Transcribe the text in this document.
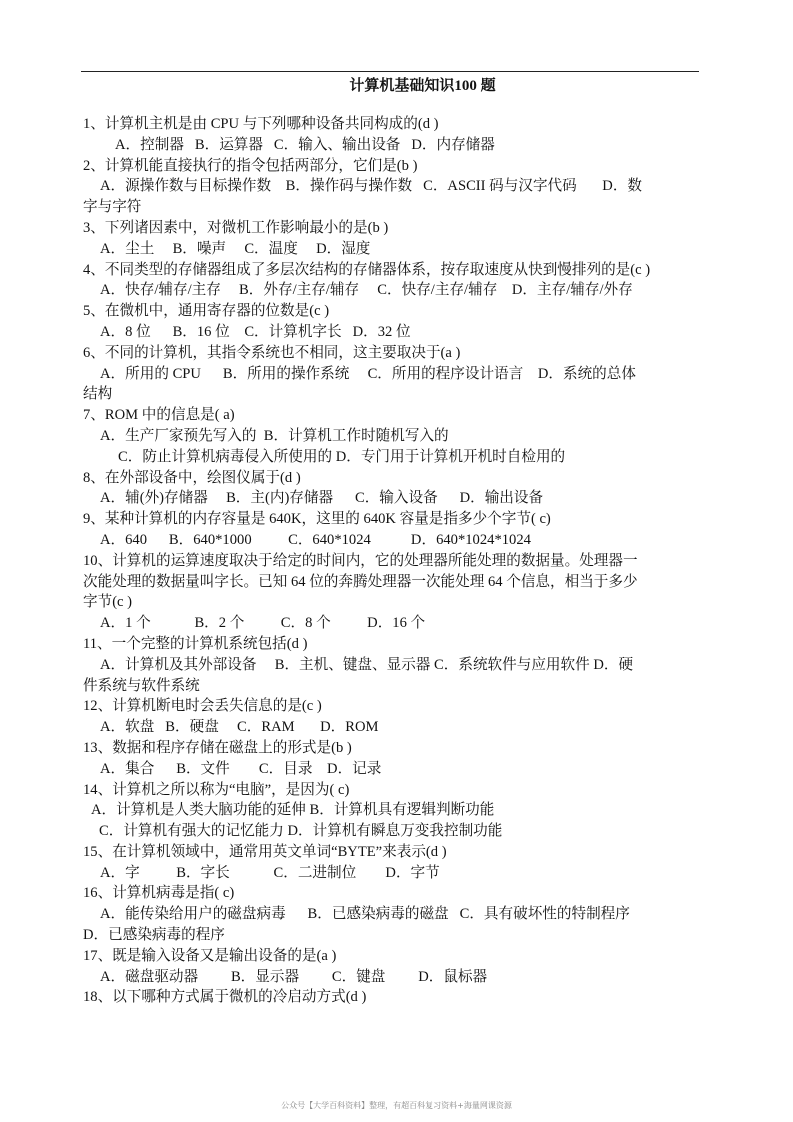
计算机基础知识100 题
1、计算机主机是由 CPU 与下列哪种设备共同构成的(d )
A．控制器   B．运算器   C．输入、输出设备   D．内存储器
2、计算机能直接执行的指令包括两部分，它们是(b )
A．源操作数与目标操作数    B．操作码与操作数   C．ASCII 码与汉字代码       D．数
字与字符
3、下列诸因素中，对微机工作影响最小的是(b )
A．尘土     B．噪声     C．温度     D．湿度
4、不同类型的存储器组成了多层次结构的存储器体系，按存取速度从快到慢排列的是(c )
A．快存/辅存/主存     B．外存/主存/辅存     C．快存/主存/辅存    D．主存/辅存/外存
5、在微机中，通用寄存器的位数是(c )
A．8 位      B．16 位    C．计算机字长   D．32 位
6、不同的计算机，其指令系统也不相同，这主要取决于(a )
A．所用的 CPU      B．所用的操作系统     C．所用的程序设计语言    D．系统的总体
结构
7、ROM 中的信息是( a)
A．生产厂家预先写入的  B．计算机工作时随机写入的
C．防止计算机病毒侵入所使用的 D．专门用于计算机开机时自检用的
8、在外部设备中，绘图仪属于(d )
A．辅(外)存储器     B．主(内)存储器      C．输入设备      D．输出设备
9、某种计算机的内存容量是 640K，这里的 640K 容量是指多少个字节( c)
A．640      B．640*1000          C．640*1024           D．640*1024*1024
10、计算机的运算速度取决于给定的时间内，它的处理器所能处理的数据量。处理器一
次能处理的数据量叫字长。已知 64 位的奔腾处理器一次能处理 64 个信息，相当于多少
字节(c )
A．1 个            B．2 个          C．8 个          D．16 个
11、一个完整的计算机系统包括(d )
A．计算机及其外部设备     B．主机、键盘、显示器 C．系统软件与应用软件 D．硬
件系统与软件系统
12、计算机断电时会丢失信息的是(c )
A．软盘   B．硬盘     C．RAM       D．ROM
13、数据和程序存储在磁盘上的形式是(b )
A．集合      B．文件        C．目录    D．记录
14、计算机之所以称为“电脑”，是因为( c)
A．计算机是人类大脑功能的延伸 B．计算机具有逻辑判断功能
C．计算机有强大的记忆能力 D．计算机有瞬息万变我控制功能
15、在计算机领域中，通常用英文单词“BYTE”来表示(d )
A．字          B．字长            C．二进制位        D．字节
16、计算机病毒是指( c)
A．能传染给用户的磁盘病毒      B．已感染病毒的磁盘   C．具有破坏性的特制程序
D．已感染病毒的程序
17、既是输入设备又是输出设备的是(a )
A．磁盘驱动器         B．显示器         C．键盘         D．鼠标器
18、以下哪种方式属于微机的冷启动方式(d )
公众号【大学百科资料】整理，有超百科复习资料+海量网课资源
